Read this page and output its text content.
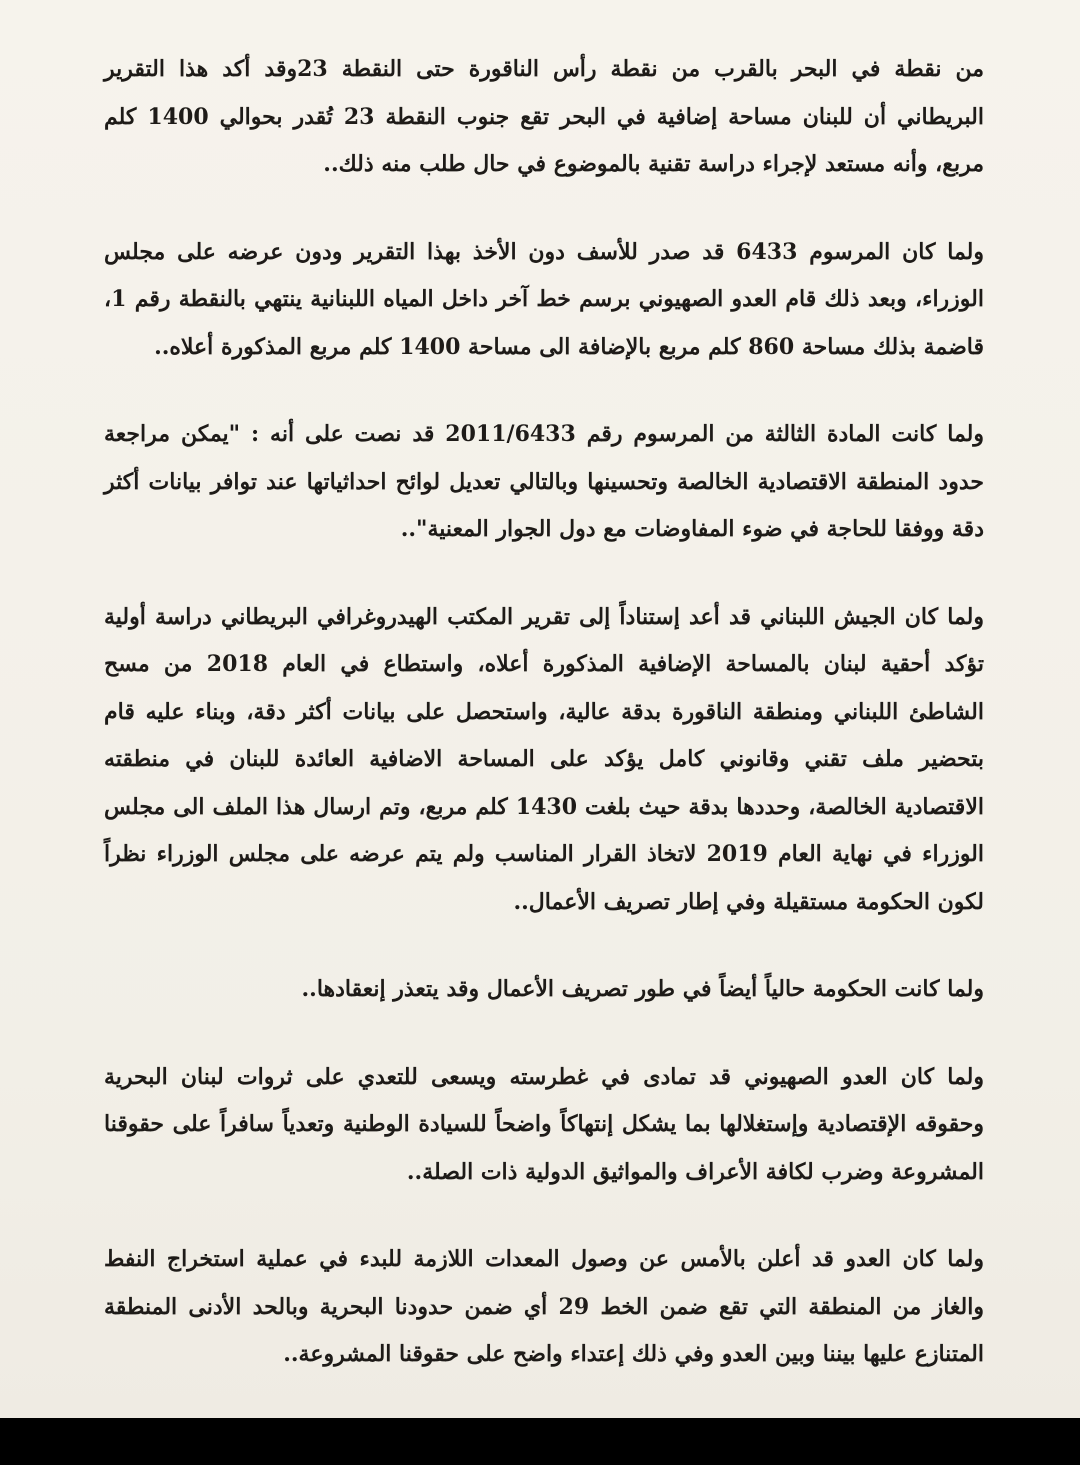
من نقطة في البحر بالقرب من نقطة رأس الناقورة حتى النقطة 23وقد أكد هذا التقرير البريطاني أن للبنان مساحة إضافية في البحر تقع جنوب النقطة 23 تُقدر بحوالي 1400 كلم مربع، وأنه مستعد لإجراء دراسة تقنية بالموضوع في حال طلب منه ذلك..

ولما كان المرسوم 6433 قد صدر للأسف دون الأخذ بهذا التقرير ودون عرضه على مجلس الوزراء، وبعد ذلك قام العدو الصهيوني برسم خط آخر داخل المياه اللبنانية ينتهي بالنقطة رقم 1، قاضمة بذلك مساحة 860 كلم مربع بالإضافة الى مساحة 1400 كلم مربع المذكورة أعلاه..

ولما كانت المادة الثالثة من المرسوم رقم 2011/6433 قد نصت على أنه : "يمكن مراجعة حدود المنطقة الاقتصادية الخالصة وتحسينها وبالتالي تعديل لوائح احداثياتها عند توافر بيانات أكثر دقة ووفقا للحاجة في ضوء المفاوضات مع دول الجوار المعنية"..

ولما كان الجيش اللبناني قد أعد إستناداً إلى تقرير المكتب الهيدروغرافي البريطاني دراسة أولية تؤكد أحقية لبنان بالمساحة الإضافية المذكورة أعلاه، واستطاع في العام 2018 من مسح الشاطئ اللبناني ومنطقة الناقورة بدقة عالية، واستحصل على بيانات أكثر دقة، وبناء عليه قام بتحضير ملف تقني وقانوني كامل يؤكد على المساحة الاضافية العائدة للبنان في منطقته الاقتصادية الخالصة، وحددها بدقة حيث بلغت 1430 كلم مربع، وتم ارسال هذا الملف الى مجلس الوزراء في نهاية العام 2019 لاتخاذ القرار المناسب ولم يتم عرضه على مجلس الوزراء نظراً لكون الحكومة مستقيلة وفي إطار تصريف الأعمال..

ولما كانت الحكومة حالياً أيضاً في طور تصريف الأعمال وقد يتعذر إنعقادها..

ولما كان العدو الصهيوني قد تمادى في غطرسته ويسعى للتعدي على ثروات لبنان البحرية وحقوقه الإقتصادية وإستغلالها بما يشكل إنتهاكاً واضحاً للسيادة الوطنية وتعدياً سافراً على حقوقنا المشروعة وضرب لكافة الأعراف والمواثيق الدولية ذات الصلة..

ولما كان العدو قد أعلن بالأمس عن وصول المعدات اللازمة للبدء في عملية استخراج النفط والغاز من المنطقة التي تقع ضمن الخط 29 أي ضمن حدودنا البحرية وبالحد الأدنى المنطقة المتنازع عليها بيننا وبين العدو وفي ذلك إعتداء واضح على حقوقنا المشروعة..
